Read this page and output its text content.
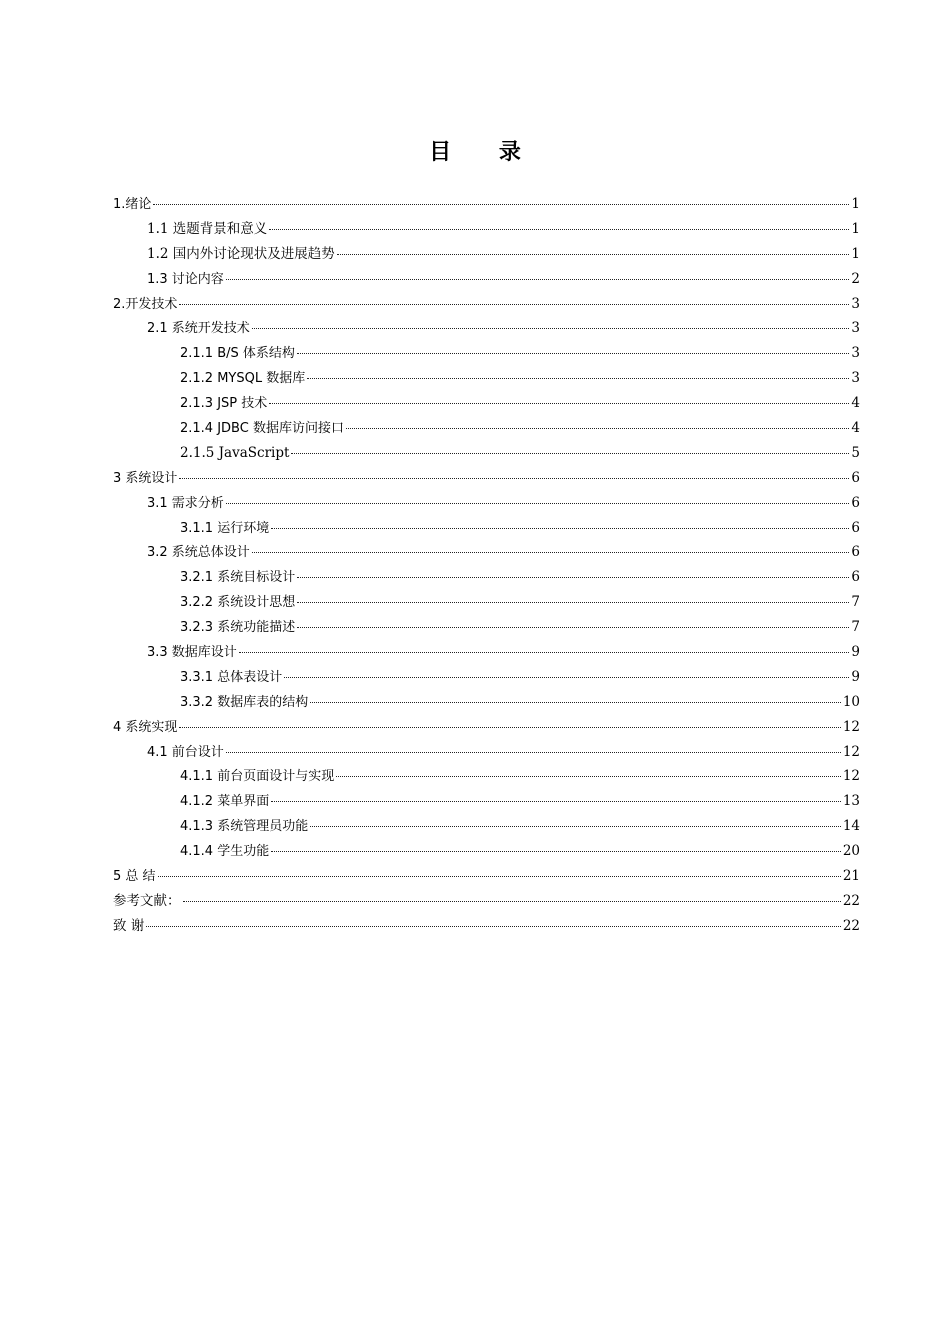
目 录
1.绪论	1
1.1 选题背景和意义	1
1.2 国内外讨论现状及进展趋势	1
1.3 讨论内容	2
2.开发技术	3
2.1 系统开发技术	3
2.1.1 B/S 体系结构	3
2.1.2 MYSQL 数据库	3
2.1.3 JSP 技术	4
2.1.4 JDBC 数据库访问接口	4
2.1.5 JavaScript	5
3 系统设计	6
3.1 需求分析	6
3.1.1 运行环境	6
3.2 系统总体设计	6
3.2.1 系统目标设计	6
3.2.2 系统设计思想	7
3.2.3 系统功能描述	7
3.3 数据库设计	9
3.3.1 总体表设计	9
3.3.2 数据库表的结构	10
4 系统实现	12
4.1 前台设计	12
4.1.1 前台页面设计与实现	12
4.1.2 菜单界面	13
4.1.3 系统管理员功能	14
4.1.4 学生功能	20
5 总 结	21
参考文献：	22
致 谢	22
